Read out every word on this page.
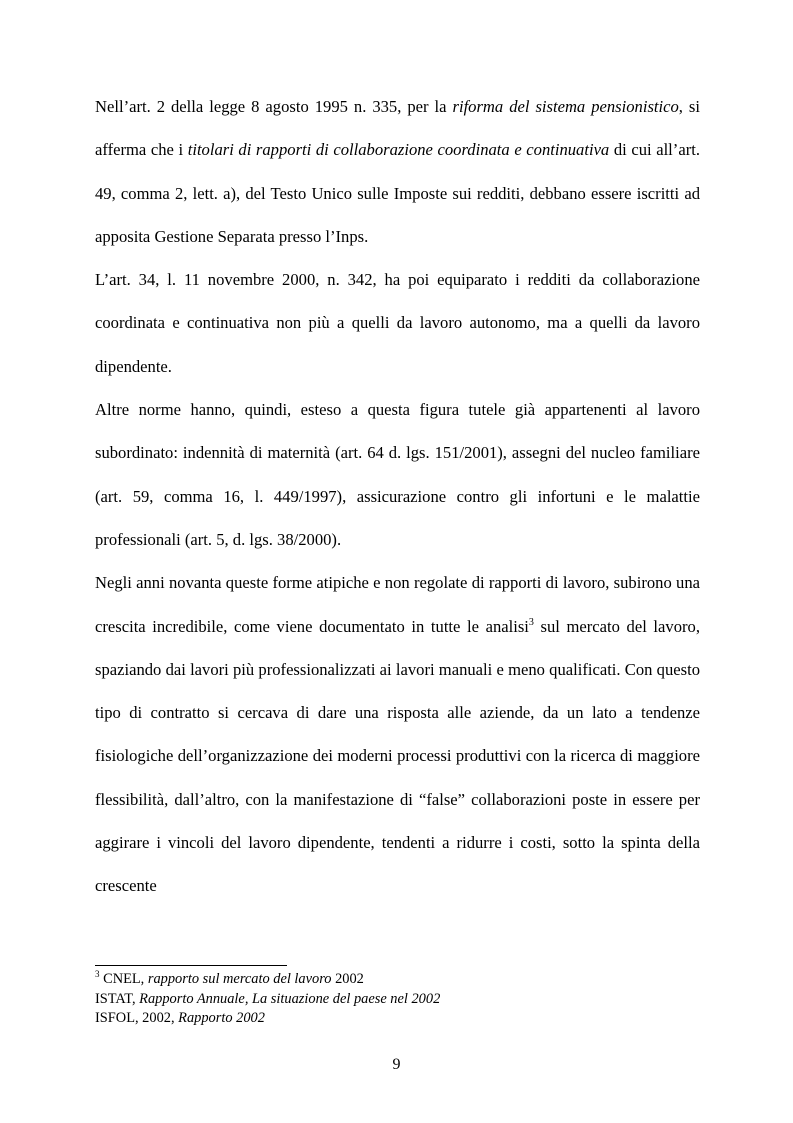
Nell’art. 2 della legge 8 agosto 1995 n. 335, per la riforma del sistema pensionistico, si afferma che i titolari di rapporti di collaborazione coordinata e continuativa di cui all’art. 49, comma 2, lett. a), del Testo Unico sulle Imposte sui redditi, debbano essere iscritti ad apposita Gestione Separata presso l’Inps.

L’art. 34, l. 11 novembre 2000, n. 342, ha poi equiparato i redditi da collaborazione coordinata e continuativa non più a quelli da lavoro autonomo, ma a quelli da lavoro dipendente.

Altre norme hanno, quindi, esteso a questa figura tutele già appartenenti al lavoro subordinato: indennità di maternità (art. 64 d. lgs. 151/2001), assegni del nucleo familiare (art. 59, comma 16, l. 449/1997), assicurazione contro gli infortuni e le malattie professionali (art. 5, d. lgs. 38/2000).

Negli anni novanta queste forme atipiche e non regolate di rapporti di lavoro, subirono una crescita incredibile, come viene documentato in tutte le analisi$^3$ sul mercato del lavoro, spaziando dai lavori più professionalizzati ai lavori manuali e meno qualificati. Con questo tipo di contratto si cercava di dare una risposta alle aziende, da un lato a tendenze fisiologiche dell’organizzazione dei moderni processi produttivi con la ricerca di maggiore flessibilità, dall’altro, con la manifestazione di “false” collaborazioni poste in essere per aggirare i vincoli del lavoro dipendente, tendenti a ridurre i costi, sotto la spinta della crescente

$^3$ CNEL, rapporto sul mercato del lavoro 2002

ISTAT, Rapporto Annuale, La situazione del paese nel 2002

ISFOL, 2002, Rapporto 2002

9
